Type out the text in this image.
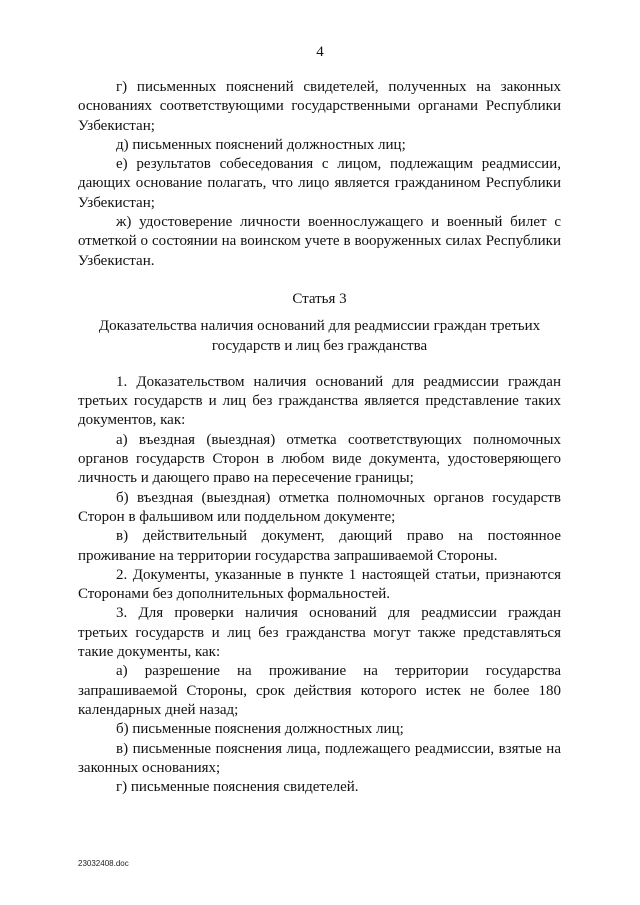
4

г) письменных пояснений свидетелей, полученных на законных основаниях соответствующими государственными органами Республики Узбекистан;

д) письменных пояснений должностных лиц;

е) результатов собеседования с лицом, подлежащим реадмиссии, дающих основание полагать, что лицо является гражданином Республики Узбекистан;

ж) удостоверение личности военнослужащего и военный билет с отметкой о состоянии на воинском учете в вооруженных силах Республики Узбекистан.

Статья 3

Доказательства наличия оснований для реадмиссии граждан третьих

государств и лиц без гражданства

1. Доказательством наличия оснований для реадмиссии граждан третьих государств и лиц без гражданства является представление таких документов, как:

а) въездная (выездная) отметка соответствующих полномочных органов государств Сторон в любом виде документа, удостоверяющего личность и дающего право на пересечение границы;

б) въездная (выездная) отметка полномочных органов государств Сторон в фальшивом или поддельном документе;

в) действительный документ, дающий право на постоянное проживание на территории государства запрашиваемой Стороны.

2. Документы, указанные в пункте 1 настоящей статьи, признаются Сторонами без дополнительных формальностей.

3. Для проверки наличия оснований для реадмиссии граждан третьих государств и лиц без гражданства могут также представляться такие документы, как:

а) разрешение на проживание на территории государства запрашиваемой Стороны, срок действия которого истек не более 180 календарных дней назад;

б) письменные пояснения должностных лиц;

в) письменные пояснения лица, подлежащего реадмиссии, взятые на законных основаниях;

г) письменные пояснения свидетелей.

23032408.doc
